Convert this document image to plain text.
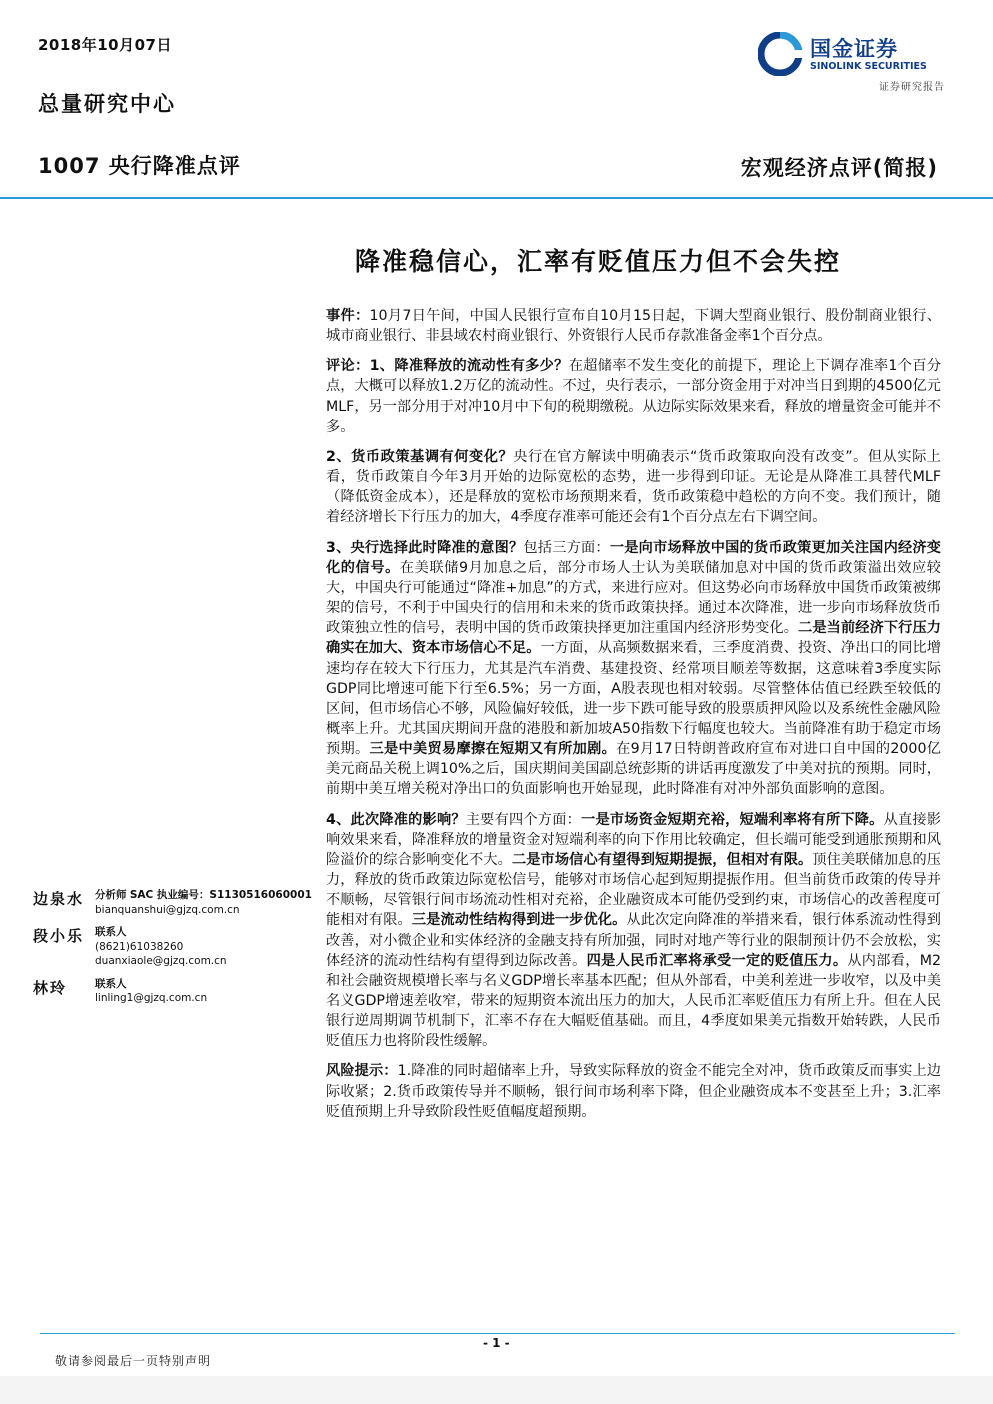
2018年10月07日
总量研究中心
1007 央行降准点评	宏观经济点评(简报)
国金证券
SINOLINK SECURITIES
证券研究报告
降准稳信心，汇率有贬值压力但不会失控

事件：10月7日午间，中国人民银行宣布自10月15日起，下调大型商业银行、股份制商业银行、城市商业银行、非县域农村商业银行、外资银行人民币存款准备金率1个百分点。

评论：1、降准释放的流动性有多少？在超储率不发生变化的前提下，理论上下调存准率1个百分点，大概可以释放1.2万亿的流动性。不过，央行表示，一部分资金用于对冲当日到期的4500亿元MLF，另一部分用于对冲10月中下旬的税期缴税。从边际实际效果来看，释放的增量资金可能并不多。

2、货币政策基调有何变化？央行在官方解读中明确表示“货币政策取向没有改变”。但从实际上看，货币政策自今年3月开始的边际宽松的态势，进一步得到印证。无论是从降准工具替代MLF（降低资金成本），还是释放的宽松市场预期来看，货币政策稳中趋松的方向不变。我们预计，随着经济增长下行压力的加大，4季度存准率可能还会有1个百分点左右下调空间。

3、央行选择此时降准的意图？包括三方面：一是向市场释放中国的货币政策更加关注国内经济变化的信号。在美联储9月加息之后，部分市场人士认为美联储加息对中国的货币政策溢出效应较大，中国央行可能通过“降准+加息”的方式，来进行应对。但这势必向市场释放中国货币政策被绑架的信号，不利于中国央行的信用和未来的货币政策抉择。通过本次降准，进一步向市场释放货币政策独立性的信号，表明中国的货币政策抉择更加注重国内经济形势变化。二是当前经济下行压力确实在加大、资本市场信心不足。一方面，从高频数据来看，三季度消费、投资、净出口的同比增速均存在较大下行压力，尤其是汽车消费、基建投资、经常项目顺差等数据，这意味着3季度实际GDP同比增速可能下行至6.5%；另一方面，A股表现也相对较弱。尽管整体估值已经跌至较低的区间，但市场信心不够，风险偏好较低，进一步下跌可能导致的股票质押风险以及系统性金融风险概率上升。尤其国庆期间开盘的港股和新加坡A50指数下行幅度也较大。当前降准有助于稳定市场预期。三是中美贸易摩擦在短期又有所加剧。在9月17日特朗普政府宣布对进口自中国的2000亿美元商品关税上调10%之后，国庆期间美国副总统彭斯的讲话再度激发了中美对抗的预期。同时，前期中美互增关税对净出口的负面影响也开始显现，此时降准有对冲外部负面影响的意图。

4、此次降准的影响？主要有四个方面：一是市场资金短期充裕，短端利率将有所下降。从直接影响效果来看，降准释放的增量资金对短端利率的向下作用比较确定，但长端可能受到通胀预期和风险溢价的综合影响变化不大。二是市场信心有望得到短期提振，但相对有限。顶住美联储加息的压力，释放的货币政策边际宽松信号，能够对市场信心起到短期提振作用。但当前货币政策的传导并不顺畅，尽管银行间市场流动性相对充裕，企业融资成本可能仍受到约束，市场信心的改善程度可能相对有限。三是流动性结构得到进一步优化。从此次定向降准的举措来看，银行体系流动性得到改善，对小微企业和实体经济的金融支持有所加强，同时对地产等行业的限制预计仍不会放松，实体经济的流动性结构有望得到边际改善。四是人民币汇率将承受一定的贬值压力。从内部看，M2和社会融资规模增长率与名义GDP增长率基本匹配；但从外部看，中美利差进一步收窄，以及中美名义GDP增速差收窄，带来的短期资本流出压力的加大，人民币汇率贬值压力有所上升。但在人民银行逆周期调节机制下，汇率不存在大幅贬值基础。而且，4季度如果美元指数开始转跌，人民币贬值压力也将阶段性缓解。

风险提示：1.降准的同时超储率上升，导致实际释放的资金不能完全对冲，货币政策反而事实上边际收紧；2.货币政策传导并不顺畅，银行间市场利率下降，但企业融资成本不变甚至上升；3.汇率贬值预期上升导致阶段性贬值幅度超预期。

边泉水 分析师 SAC 执业编号：S1130516060001
bianquanshui@gjzq.com.cn
段小乐 联系人
(8621)61038260
duanxiaole@gjzq.com.cn
林玲	联系人
linling1@gjzq.com.cn
- 1 -
敬请参阅最后一页特别声明
